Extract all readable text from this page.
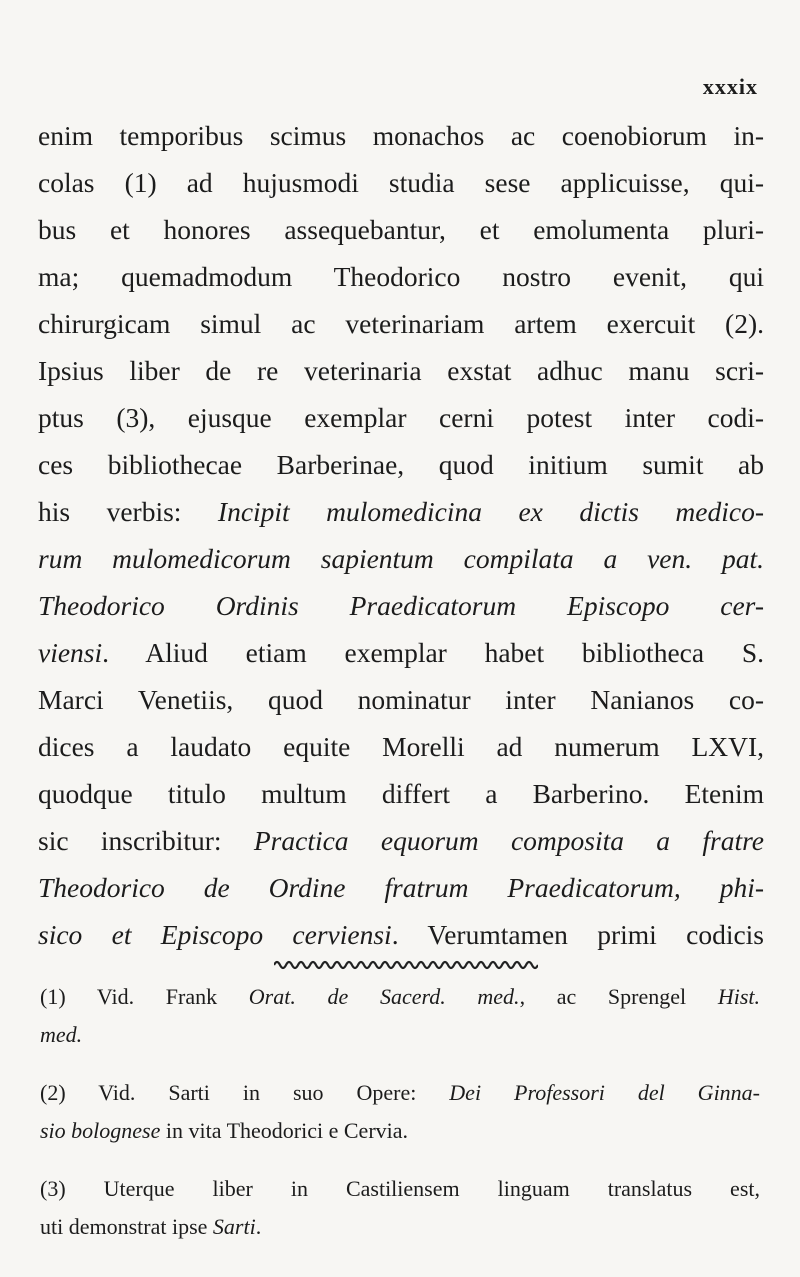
xxxix
enim temporibus scimus monachos ac coenobiorum in-
colas (1) ad hujusmodi studia sese applicuisse, qui-
bus et honores assequebantur, et emolumenta pluri-
ma; quemadmodum Theodorico nostro evenit, qui
chirurgicam simul ac veterinariam artem exercuit (2).
Ipsius liber de re veterinaria exstat adhuc manu scri-
ptus (3), ejusque exemplar cerni potest inter codi-
ces bibliothecae Barberinae, quod initium sumit ab
his verbis: Incipit mulomedicina ex dictis medico-
rum mulomedicorum sapientum compilata a ven. pat.
Theodorico Ordinis Praedicatorum Episcopo cer-
viensi. Aliud etiam exemplar habet bibliotheca S.
Marci Venetiis, quod nominatur inter Nanianos co-
dices a laudato equite Morelli ad numerum LXVI,
quodque titulo multum differt a Barberino. Etenim
sic inscribitur: Practica equorum composita a fratre
Theodorico de Ordine fratrum Praedicatorum, phi-
sico et Episcopo cerviensi. Verumtamen primi codicis
(1) Vid. Frank Orat. de Sacerd. med., ac Sprengel Hist.
med.
(2) Vid. Sarti in suo Opere: Dei Professori del Ginna-
sio bolognese in vita Theodorici e Cervia.
(3) Uterque liber in Castiliensem linguam translatus est,
uti demonstrat ipse Sarti.
